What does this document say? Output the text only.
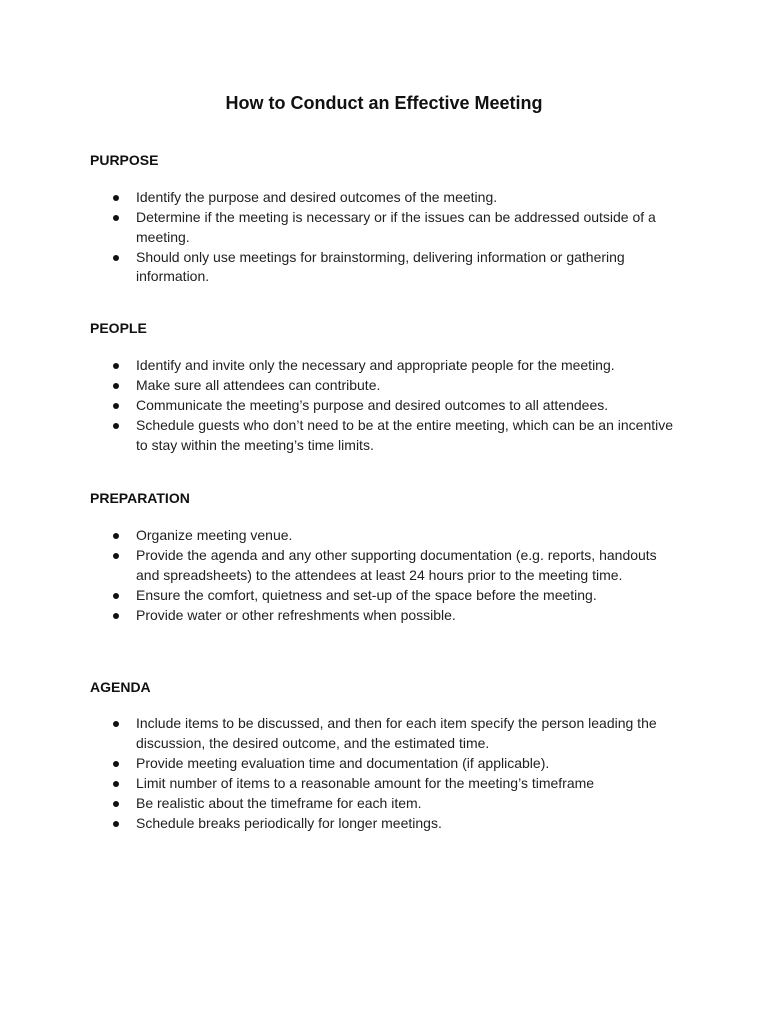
How to Conduct an Effective Meeting
PURPOSE
Identify the purpose and desired outcomes of the meeting.
Determine if the meeting is necessary or if the issues can be addressed outside of a meeting.
Should only use meetings for brainstorming, delivering information or gathering information.
PEOPLE
Identify and invite only the necessary and appropriate people for the meeting.
Make sure all attendees can contribute.
Communicate the meeting’s purpose and desired outcomes to all attendees.
Schedule guests who don’t need to be at the entire meeting, which can be an incentive to stay within the meeting’s time limits.
PREPARATION
Organize meeting venue.
Provide the agenda and any other supporting documentation (e.g. reports, handouts and spreadsheets) to the attendees at least 24 hours prior to the meeting time.
Ensure the comfort, quietness and set-up of the space before the meeting.
Provide water or other refreshments when possible.
AGENDA
Include items to be discussed, and then for each item specify the person leading the discussion, the desired outcome, and the estimated time.
Provide meeting evaluation time and documentation (if applicable).
Limit number of items to a reasonable amount for the meeting’s timeframe
Be realistic about the timeframe for each item.
Schedule breaks periodically for longer meetings.
